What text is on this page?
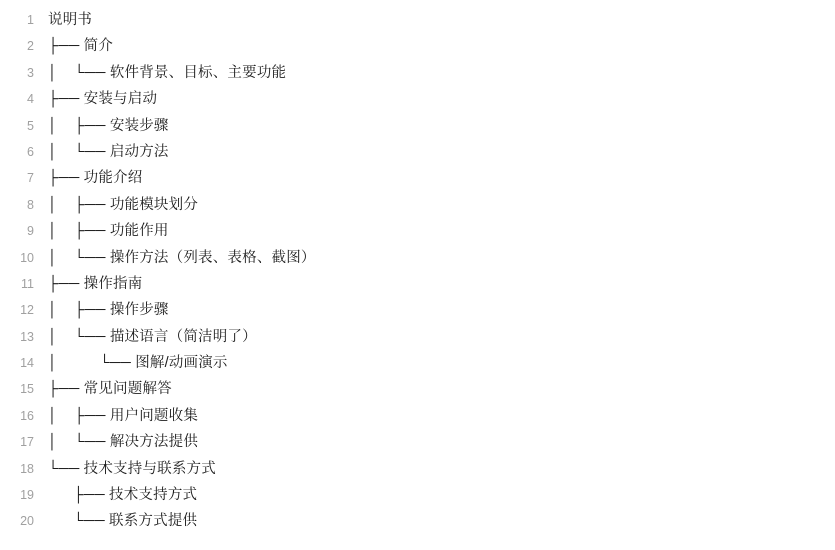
1 说明书
2 ├── 简介
3 │    └── 软件背景、目标、主要功能
4 ├── 安装与启动
5 │    ├── 安装步骤
6 │    └── 启动方法
7 ├── 功能介绍
8 │    ├── 功能模块划分
9 │    ├── 功能作用
10 │    └── 操作方法（列表、表格、截图）
11 ├── 操作指南
12 │    ├── 操作步骤
13 │    └── 描述语言（简洁明了）
14 │          └── 图解/动画演示
15 ├── 常见问题解答
16 │    ├── 用户问题收集
17 │    └── 解决方法提供
18 └── 技术支持与联系方式
19 ├── 技术支持方式
20 └── 联系方式提供
